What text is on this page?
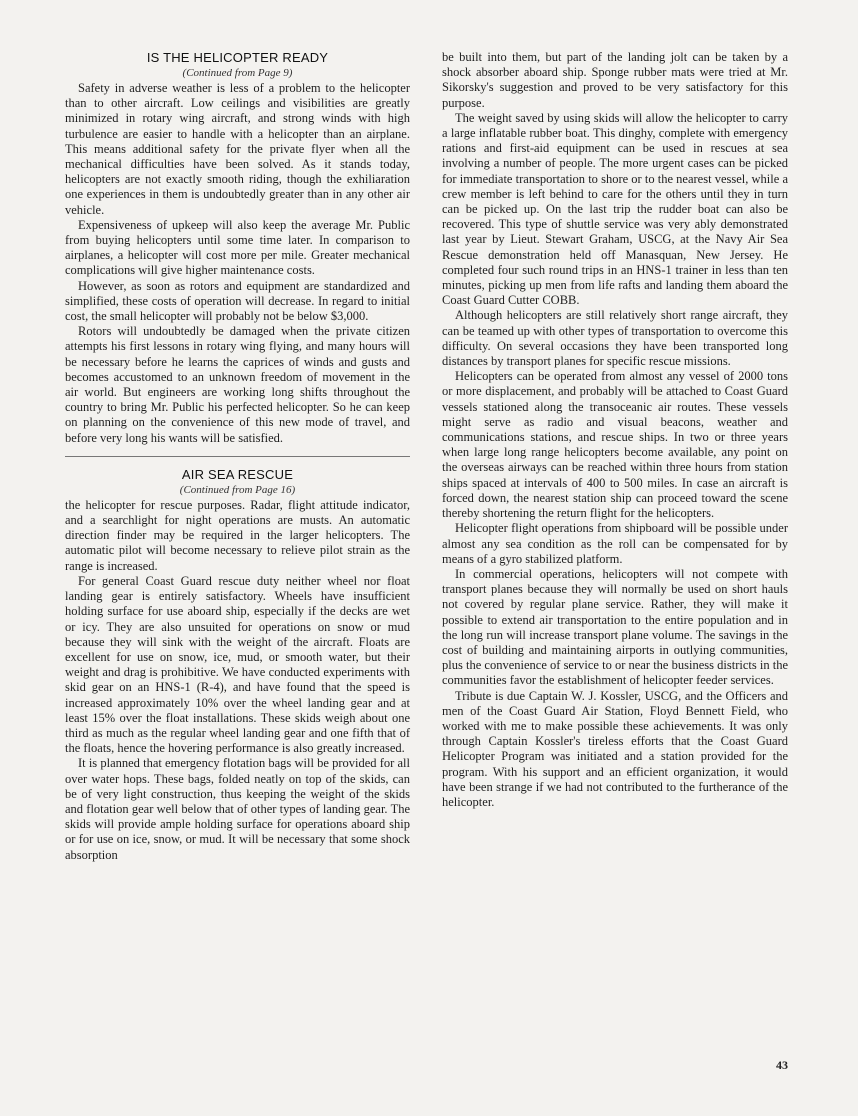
IS THE HELICOPTER READY
(Continued from Page 9)

Safety in adverse weather is less of a problem to the helicopter than to other aircraft. Low ceilings and visibilities are greatly minimized in rotary wing aircraft, and strong winds with high turbulence are easier to handle with a helicopter than an airplane. This means additional safety for the private flyer when all the mechanical difficulties have been solved. As it stands today, helicopters are not exactly smooth riding, though the exhiliaration one experiences in them is undoubtedly greater than in any other air vehicle.

Expensiveness of upkeep will also keep the average Mr. Public from buying helicopters until some time later. In comparison to airplanes, a helicopter will cost more per mile. Greater mechanical complications will give higher maintenance costs.

However, as soon as rotors and equipment are standardized and simplified, these costs of operation will decrease. In regard to initial cost, the small helicopter will probably not be below $3,000.

Rotors will undoubtedly be damaged when the private citizen attempts his first lessons in rotary wing flying, and many hours will be necessary before he learns the caprices of winds and gusts and becomes accustomed to an unknown freedom of movement in the air world. But engineers are working long shifts throughout the country to bring Mr. Public his perfected helicopter. So he can keep on planning on the convenience of this new mode of travel, and before very long his wants will be satisfied.

AIR SEA RESCUE
(Continued from Page 16)

the helicopter for rescue purposes. Radar, flight attitude indicator, and a searchlight for night operations are musts. An automatic direction finder may be required in the larger helicopters. The automatic pilot will become necessary to relieve pilot strain as the range is increased.

For general Coast Guard rescue duty neither wheel nor float landing gear is entirely satisfactory. Wheels have insufficient holding surface for use aboard ship, especially if the decks are wet or icy. They are also unsuited for operations on snow or mud because they will sink with the weight of the aircraft. Floats are excellent for use on snow, ice, mud, or smooth water, but their weight and drag is prohibitive. We have conducted experiments with skid gear on an HNS-1 (R-4), and have found that the speed is increased approximately 10% over the wheel landing gear and at least 15% over the float installations. These skids weigh about one third as much as the regular wheel landing gear and one fifth that of the floats, hence the hovering performance is also greatly increased.

It is planned that emergency flotation bags will be provided for all over water hops. These bags, folded neatly on top of the skids, can be of very light construction, thus keeping the weight of the skids and flotation gear well below that of other types of landing gear. The skids will provide ample holding surface for operations aboard ship or for use on ice, snow, or mud. It will be necessary that some shock absorption

be built into them, but part of the landing jolt can be taken by a shock absorber aboard ship. Sponge rubber mats were tried at Mr. Sikorsky's suggestion and proved to be very satisfactory for this purpose.

The weight saved by using skids will allow the helicopter to carry a large inflatable rubber boat. This dinghy, complete with emergency rations and first-aid equipment can be used in rescues at sea involving a number of people. The more urgent cases can be picked for immediate transportation to shore or to the nearest vessel, while a crew member is left behind to care for the others until they in turn can be picked up. On the last trip the rudder boat can also be recovered. This type of shuttle service was very ably demonstrated last year by Lieut. Stewart Graham, USCG, at the Navy Air Sea Rescue demonstration held off Manasquan, New Jersey. He completed four such round trips in an HNS-1 trainer in less than ten minutes, picking up men from life rafts and landing them aboard the Coast Guard Cutter COBB.

Although helicopters are still relatively short range aircraft, they can be teamed up with other types of transportation to overcome this difficulty. On several occasions they have been transported long distances by transport planes for specific rescue missions.

Helicopters can be operated from almost any vessel of 2000 tons or more displacement, and probably will be attached to Coast Guard vessels stationed along the transoceanic air routes. These vessels might serve as radio and visual beacons, weather and communications stations, and rescue ships. In two or three years when large long range helicopters become available, any point on the overseas airways can be reached within three hours from station ships spaced at intervals of 400 to 500 miles. In case an aircraft is forced down, the nearest station ship can proceed toward the scene thereby shortening the return flight for the helicopters.

Helicopter flight operations from shipboard will be possible under almost any sea condition as the roll can be compensated for by means of a gyro stabilized platform.

In commercial operations, helicopters will not compete with transport planes because they will normally be used on short hauls not covered by regular plane service. Rather, they will make it possible to extend air transportation to the entire population and in the long run will increase transport plane volume. The savings in the cost of building and maintaining airports in outlying communities, plus the convenience of service to or near the business districts in the communities favor the establishment of helicopter feeder services.

Tribute is due Captain W. J. Kossler, USCG, and the Officers and men of the Coast Guard Air Station, Floyd Bennett Field, who worked with me to make possible these achievements. It was only through Captain Kossler's tireless efforts that the Coast Guard Helicopter Program was initiated and a station provided for the program. With his support and an efficient organization, it would have been strange if we had not contributed to the furtherance of the helicopter.

43
